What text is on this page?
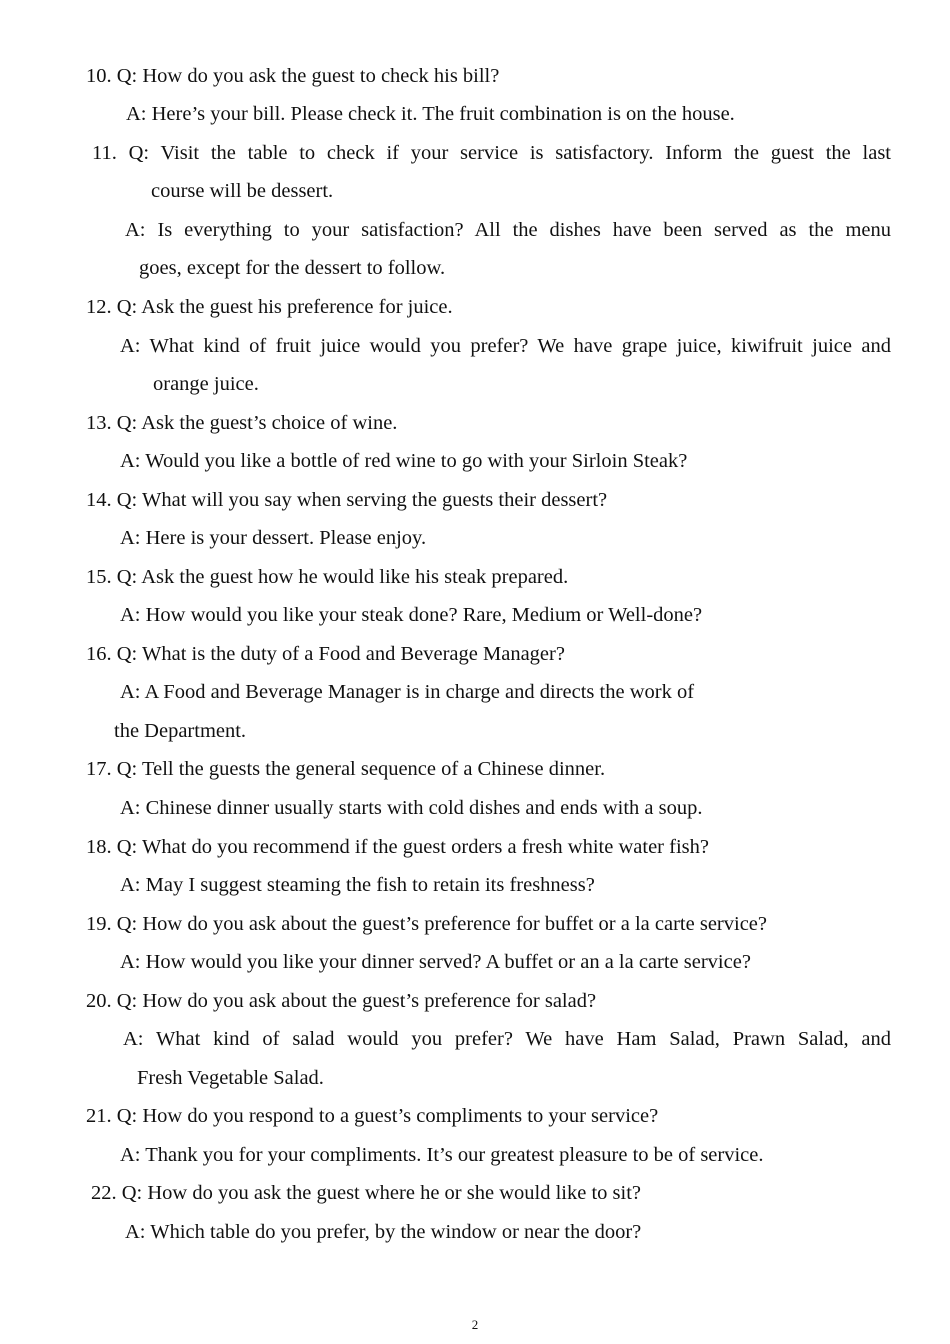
10. Q: How do you ask the guest to check his bill?
A: Here’s your bill. Please check it. The fruit combination is on the house.
11. Q: Visit the table to check if your service is satisfactory. Inform the guest the last
course will be dessert.
A: Is everything to your satisfaction? All the dishes have been served as the menu
goes, except for the dessert to follow.
12. Q: Ask the guest his preference for juice.
A: What kind of fruit juice would you prefer? We have grape juice, kiwifruit juice and
orange juice.
13. Q: Ask the guest’s choice of wine.
A: Would you like a bottle of red wine to go with your Sirloin Steak?
14. Q: What will you say when serving the guests their dessert?
A: Here is your dessert. Please enjoy.
15. Q: Ask the guest how he would like his steak prepared.
A: How would you like your steak done? Rare, Medium or Well-done?
16. Q: What is the duty of a Food and Beverage Manager?
A: A Food and Beverage Manager is in charge and directs the work of
the Department.
17. Q: Tell the guests the general sequence of a Chinese dinner.
A: Chinese dinner usually starts with cold dishes and ends with a soup.
18. Q: What do you recommend if the guest orders a fresh white water fish?
A: May I suggest steaming the fish to retain its freshness?
19. Q: How do you ask about the guest’s preference for buffet or a la carte service?
A: How would you like your dinner served? A buffet or an a la carte service?
20. Q: How do you ask about the guest’s preference for salad?
A: What kind of salad would you prefer? We have Ham Salad, Prawn Salad, and
Fresh Vegetable Salad.
21. Q: How do you respond to a guest’s compliments to your service?
A: Thank you for your compliments. It’s our greatest pleasure to be of service.
22. Q: How do you ask the guest where he or she would like to sit?
A: Which table do you prefer, by the window or near the door?
2
